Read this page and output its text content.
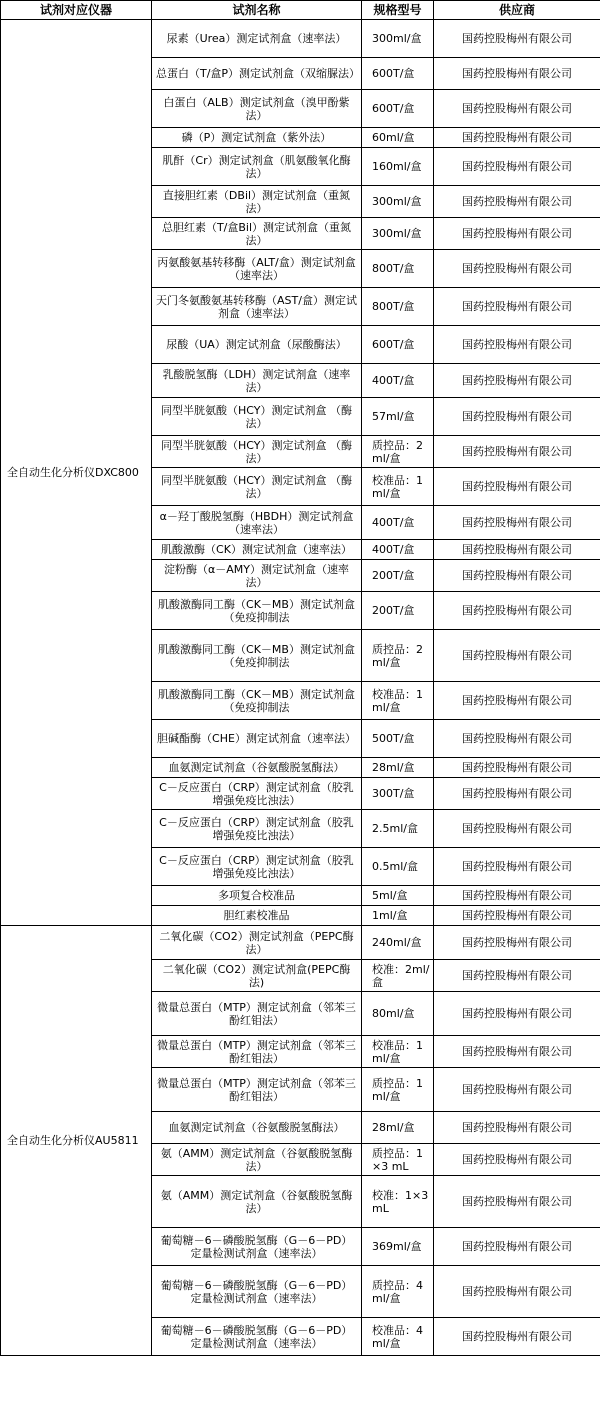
试剂对应仪器	试剂名称	规格型号	供应商
全自动生化分析仪DXC800	尿素（Urea）测定试剂盒（速率法）	300ml/盒	国药控股梅州有限公司
	总蛋白（T/盒P）测定试剂盒（双缩脲法）	600T/盒	国药控股梅州有限公司
	白蛋白（ALB）测定试剂盒（溴甲酚紫法）	600T/盒	国药控股梅州有限公司
	磷（P）测定试剂盒（紫外法）	60ml/盒	国药控股梅州有限公司
	肌酐（Cr）测定试剂盒（肌氨酸氧化酶法）	160ml/盒	国药控股梅州有限公司
	直接胆红素（DBil）测定试剂盒（重氮法）	300ml/盒	国药控股梅州有限公司
	总胆红素（T/盒Bil）测定试剂盒（重氮法）	300ml/盒	国药控股梅州有限公司
	丙氨酸氨基转移酶（ALT/盒）测定试剂盒（速率法）	800T/盒	国药控股梅州有限公司
	天门冬氨酸氨基转移酶（AST/盒）测定试剂盒（速率法）	800T/盒	国药控股梅州有限公司
	尿酸（UA）测定试剂盒（尿酸酶法）	600T/盒	国药控股梅州有限公司
	乳酸脱氢酶（LDH）测定试剂盒（速率法）	400T/盒	国药控股梅州有限公司
	同型半胱氨酸（HCY）测定试剂盒 （酶法）	57ml/盒	国药控股梅州有限公司
	同型半胱氨酸（HCY）测定试剂盒 （酶法）	质控品：2ml/盒	国药控股梅州有限公司
	同型半胱氨酸（HCY）测定试剂盒 （酶法）	校准品：1ml/盒	国药控股梅州有限公司
	α－羟丁酸脱氢酶（HBDH）测定试剂盒（速率法）	400T/盒	国药控股梅州有限公司
	肌酸激酶（CK）测定试剂盒（速率法）	400T/盒	国药控股梅州有限公司
	淀粉酶（α－AMY）测定试剂盒（速率法）	200T/盒	国药控股梅州有限公司
	肌酸激酶同工酶（CK－MB）测定试剂盒（免疫抑制法	200T/盒	国药控股梅州有限公司
	肌酸激酶同工酶（CK－MB）测定试剂盒（免疫抑制法	质控品：2ml/盒	国药控股梅州有限公司
	肌酸激酶同工酶（CK－MB）测定试剂盒（免疫抑制法	校准品：1ml/盒	国药控股梅州有限公司
	胆碱酯酶（CHE）测定试剂盒（速率法）	500T/盒	国药控股梅州有限公司
	血氨测定试剂盒（谷氨酸脱氢酶法）	28ml/盒	国药控股梅州有限公司
	C－反应蛋白（CRP）测定试剂盒（胶乳增强免疫比浊法）	300T/盒	国药控股梅州有限公司
	C－反应蛋白（CRP）测定试剂盒（胶乳增强免疫比浊法）	2.5ml/盒	国药控股梅州有限公司
	C－反应蛋白（CRP）测定试剂盒（胶乳增强免疫比浊法）	0.5ml/盒	国药控股梅州有限公司
	多项复合校准品	5ml/盒	国药控股梅州有限公司
	胆红素校准品	1ml/盒	国药控股梅州有限公司
全自动生化分析仪AU5811	二氧化碳（CO2）测定试剂盒（PEPC酶法）	240ml/盒	国药控股梅州有限公司
	二氧化碳（CO2）测定试剂盒(PEPC酶法)	校准：2ml/盒	国药控股梅州有限公司
	微量总蛋白（MTP）测定试剂盒（邻苯三酚红钼法）	80ml/盒	国药控股梅州有限公司
	微量总蛋白（MTP）测定试剂盒（邻苯三酚红钼法）	校准品：1ml/盒	国药控股梅州有限公司
	微量总蛋白（MTP）测定试剂盒（邻苯三酚红钼法）	质控品：1ml/盒	国药控股梅州有限公司
	血氨测定试剂盒（谷氨酸脱氢酶法）	28ml/盒	国药控股梅州有限公司
	氨（AMM）测定试剂盒（谷氨酸脱氢酶法）	质控品：1×3 mL	国药控股梅州有限公司
	氨（AMM）测定试剂盒（谷氨酸脱氢酶法）	校准：1×3 mL	国药控股梅州有限公司
	葡萄糖－6－磷酸脱氢酶（G－6－PD）定量检测试剂盒（速率法）	369ml/盒	国药控股梅州有限公司
	葡萄糖－6－磷酸脱氢酶（G－6－PD）定量检测试剂盒（速率法）	质控品：4ml/盒	国药控股梅州有限公司
	葡萄糖－6－磷酸脱氢酶（G－6－PD）定量检测试剂盒（速率法）	校准品：4ml/盒	国药控股梅州有限公司
